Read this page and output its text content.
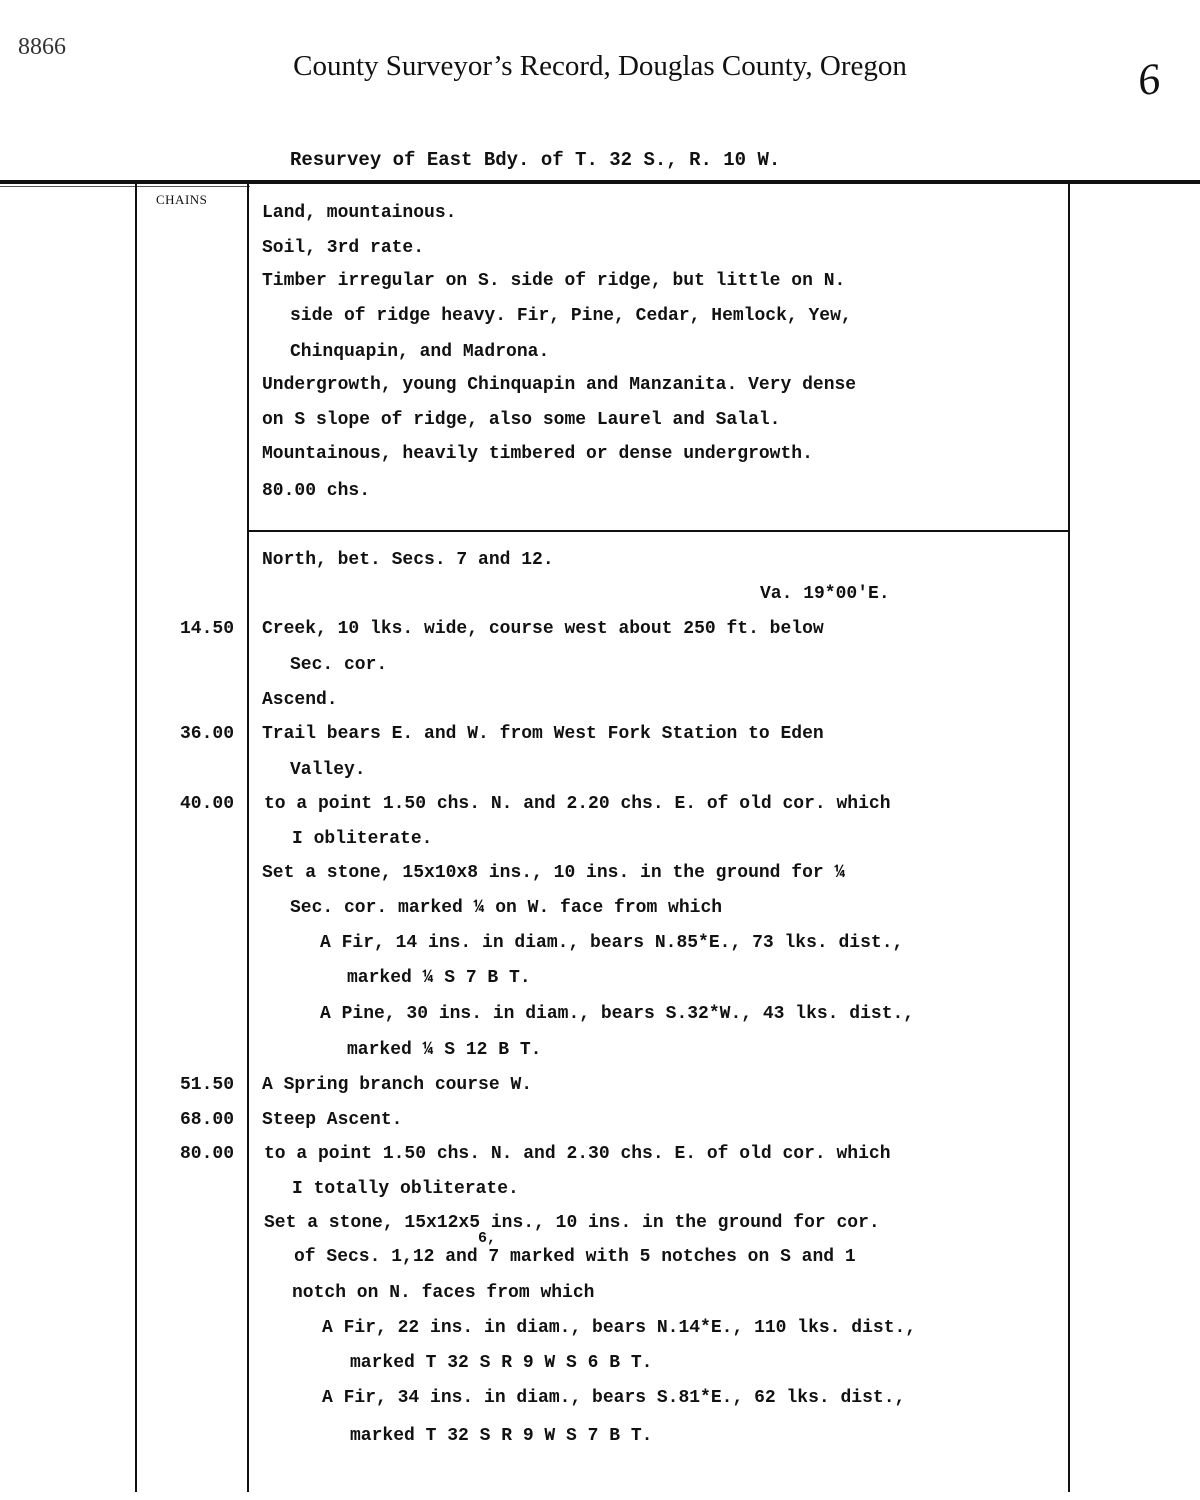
8866
County Surveyor’s Record, Douglas County, Oregon	6
Resurvey of East Bdy. of T. 32 S., R. 10 W.
CHAINS
Land, mountainous.
Soil, 3rd rate.
Timber irregular on S. side of ridge, but little on N.
side of ridge heavy. Fir, Pine, Cedar, Hemlock, Yew,
Chinquapin, and Madrona.
Undergrowth, young Chinquapin and Manzanita. Very dense
on S slope of ridge, also some Laurel and Salal.
Mountainous, heavily timbered or dense undergrowth.
80.00 chs.
North, bet. Secs. 7 and 12.
Va. 19*00'E.
14.50 Creek, 10 lks. wide, course west about 250 ft. below
Sec. cor.
Ascend.
36.00 Trail bears E. and W. from West Fork Station to Eden
Valley.
40.00 to a point 1.50 chs. N. and 2.20 chs. E. of old cor. which
I obliterate.
Set a stone, 15x10x8 ins., 10 ins. in the ground for ¼
Sec. cor. marked ¼ on W. face from which
A Fir, 14 ins. in diam., bears N.85*E., 73 lks. dist.,
marked ¼ S 7 B T.
A Pine, 30 ins. in diam., bears S.32*W., 43 lks. dist.,
marked ¼ S 12 B T.
51.50 A Spring branch course W.
68.00 Steep Ascent.
80.00 to a point 1.50 chs. N. and 2.30 chs. E. of old cor. which
I totally obliterate.
Set a stone, 15x12x5 ins., 10 ins. in the ground for cor.
6,
of Secs. 1,12 and 7 marked with 5 notches on S and 1
notch on N. faces from which
A Fir, 22 ins. in diam., bears N.14*E., 110 lks. dist.,
marked T 32 S R 9 W S 6 B T.
A Fir, 34 ins. in diam., bears S.81*E., 62 lks. dist.,
marked T 32 S R 9 W S 7 B T.
